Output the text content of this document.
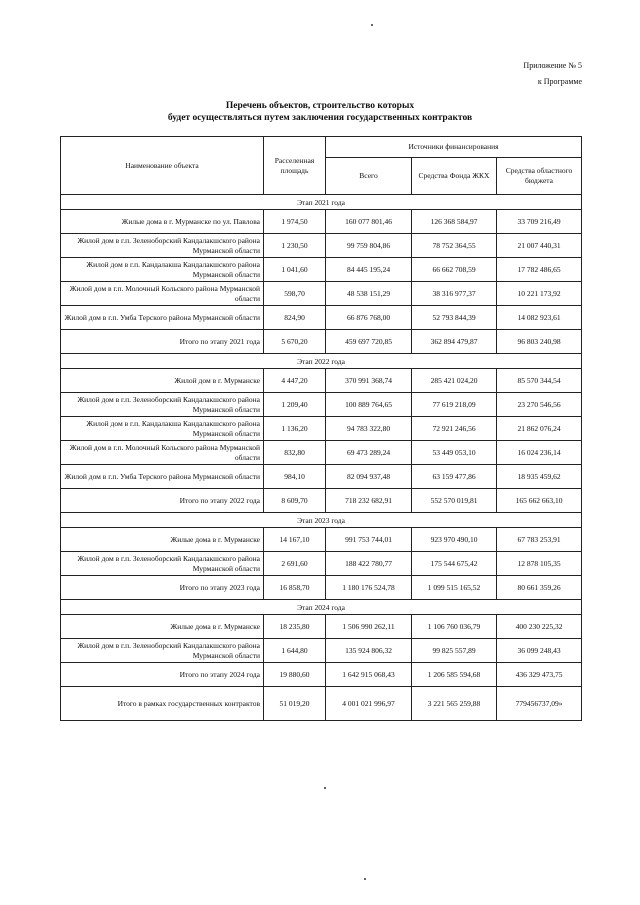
Приложение № 5
к Программе
Перечень объектов, строительство которых
будет осуществляться путем заключения государственных контрактов
Наименование объекта	Расселенная площадь	Источники финансирования		
		Всего	Средства Фонда ЖКХ	Средства областного бюджета
Этап 2021 года				
Жилые дома в г. Мурманске по ул. Павлова	1 974,50	160 077 801,46	126 368 584,97	33 709 216,49
Жилой дом в г.п. Зеленоборский Кандалакшского района Мурманской области	1 230,50	99 759 804,86	78 752 364,55	21 007 440,31
Жилой дом в г.п. Кандалакша Кандалакшского района Мурманской области	1 041,60	84 445 195,24	66 662 708,59	17 782 486,65
Жилой дом в г.п. Молочный Кольского района Мурманской области	598,70	48 538 151,29	38 316 977,37	10 221 173,92
Жилой дом в г.п. Умба Терского района Мурманской области	824,90	66 876 768,00	52 793 844,39	14 082 923,61
Итого по этапу 2021 года	5 670,20	459 697 720,85	362 894 479,87	96 803 240,98
Этап 2022 года				
Жилой дом в г. Мурманске	4 447,20	370 991 368,74	285 421 024,20	85 570 344,54
Жилой дом в г.п. Зеленоборский Кандалакшского района Мурманской области	1 209,40	100 889 764,65	77 619 218,09	23 270 546,56
Жилой дом в г.п. Кандалакша Кандалакшского района Мурманской области	1 136,20	94 783 322,80	72 921 246,56	21 862 076,24
Жилой дом в г.п. Молочный Кольского района Мурманской области	832,80	69 473 289,24	53 449 053,10	16 024 236,14
Жилой дом в г.п. Умба Терского района Мурманской области	984,10	82 094 937,48	63 159 477,86	18 935 459,62
Итого по этапу 2022 года	8 609,70	718 232 682,91	552 570 019,81	165 662 663,10
Этап 2023 года				
Жилые дома в г. Мурманске	14 167,10	991 753 744,01	923 970 490,10	67 783 253,91
Жилой дом в г.п. Зеленоборский Кандалакшского района Мурманской области	2 691,60	188 422 780,77	175 544 675,42	12 878 105,35
Итого по этапу 2023 года	16 858,70	1 180 176 524,78	1 099 515 165,52	80 661 359,26
Этап 2024 года				
Жилые дома в г. Мурманске	18 235,80	1 506 990 262,11	1 106 760 036,79	400 230 225,32
Жилой дом в г.п. Зеленоборский Кандалакшского района Мурманской области	1 644,80	135 924 806,32	99 825 557,89	36 099 248,43
Итого по этапу 2024 года	19 880,60	1 642 915 068,43	1 206 585 594,68	436 329 473,75
Итого в рамках государственных контрактов	51 019,20	4 001 021 996,97	3 221 565 259,88	779456737,09»
